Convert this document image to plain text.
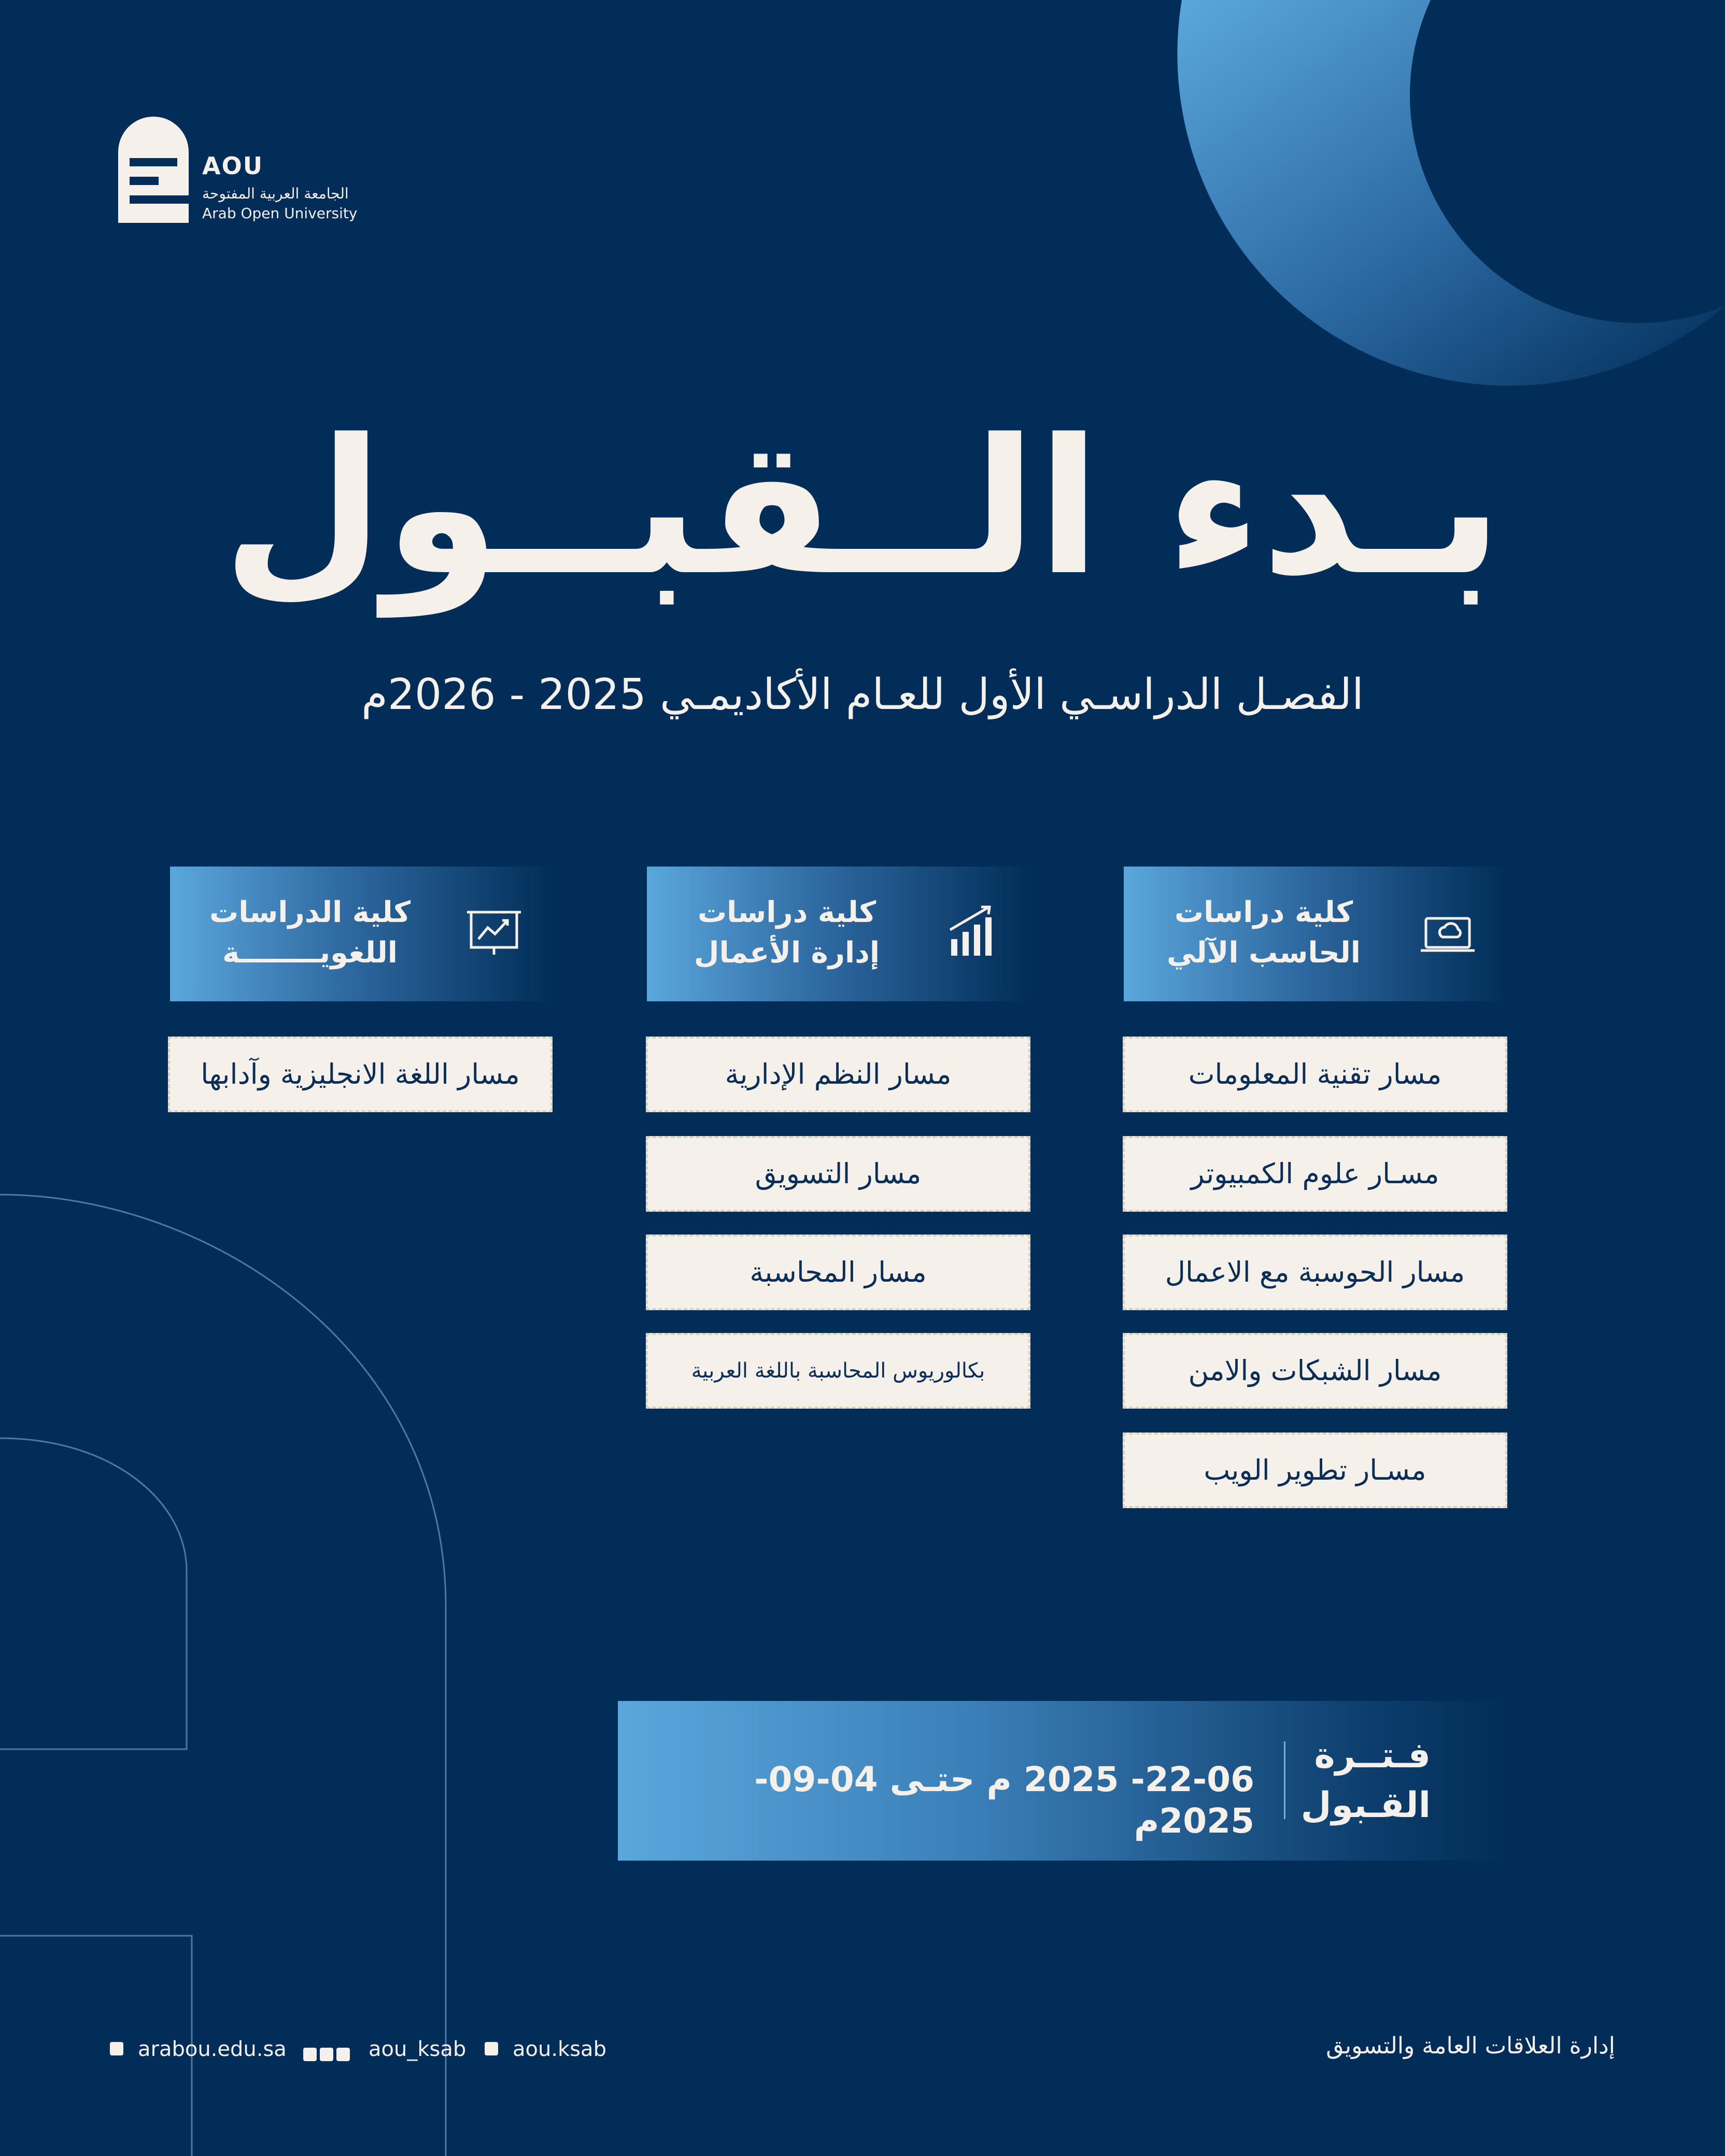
AOU
الجامعة العربية المفتوحة
Arab Open University
بـدء الــقبــول
الفصـل الدراسـي الأول للعـام الأكاديمـي 2025 - 2026م
كلية دراسات الحاسب الآلي
كلية دراسات إدارة الأعمال
كلية الدراسات اللغويــــــــة
مسار تقنية المعلومات
مسـار علوم الكمبيوتر
مسار الحوسبة مع الاعمال
مسار الشبكات والامن
مسـار تطوير الويب
مسار النظم الإدارية
مسار التسويق
مسار المحاسبة
بكالوريوس المحاسبة باللغة العربية
مسار اللغة الانجليزية وآدابها
فـتــرة القـبول
22-06- 2025 م حتـى 04-09- 2025م
إدارة العلاقات العامة والتسويق
arabou.edu.sa	aou_ksab	aou.ksab
